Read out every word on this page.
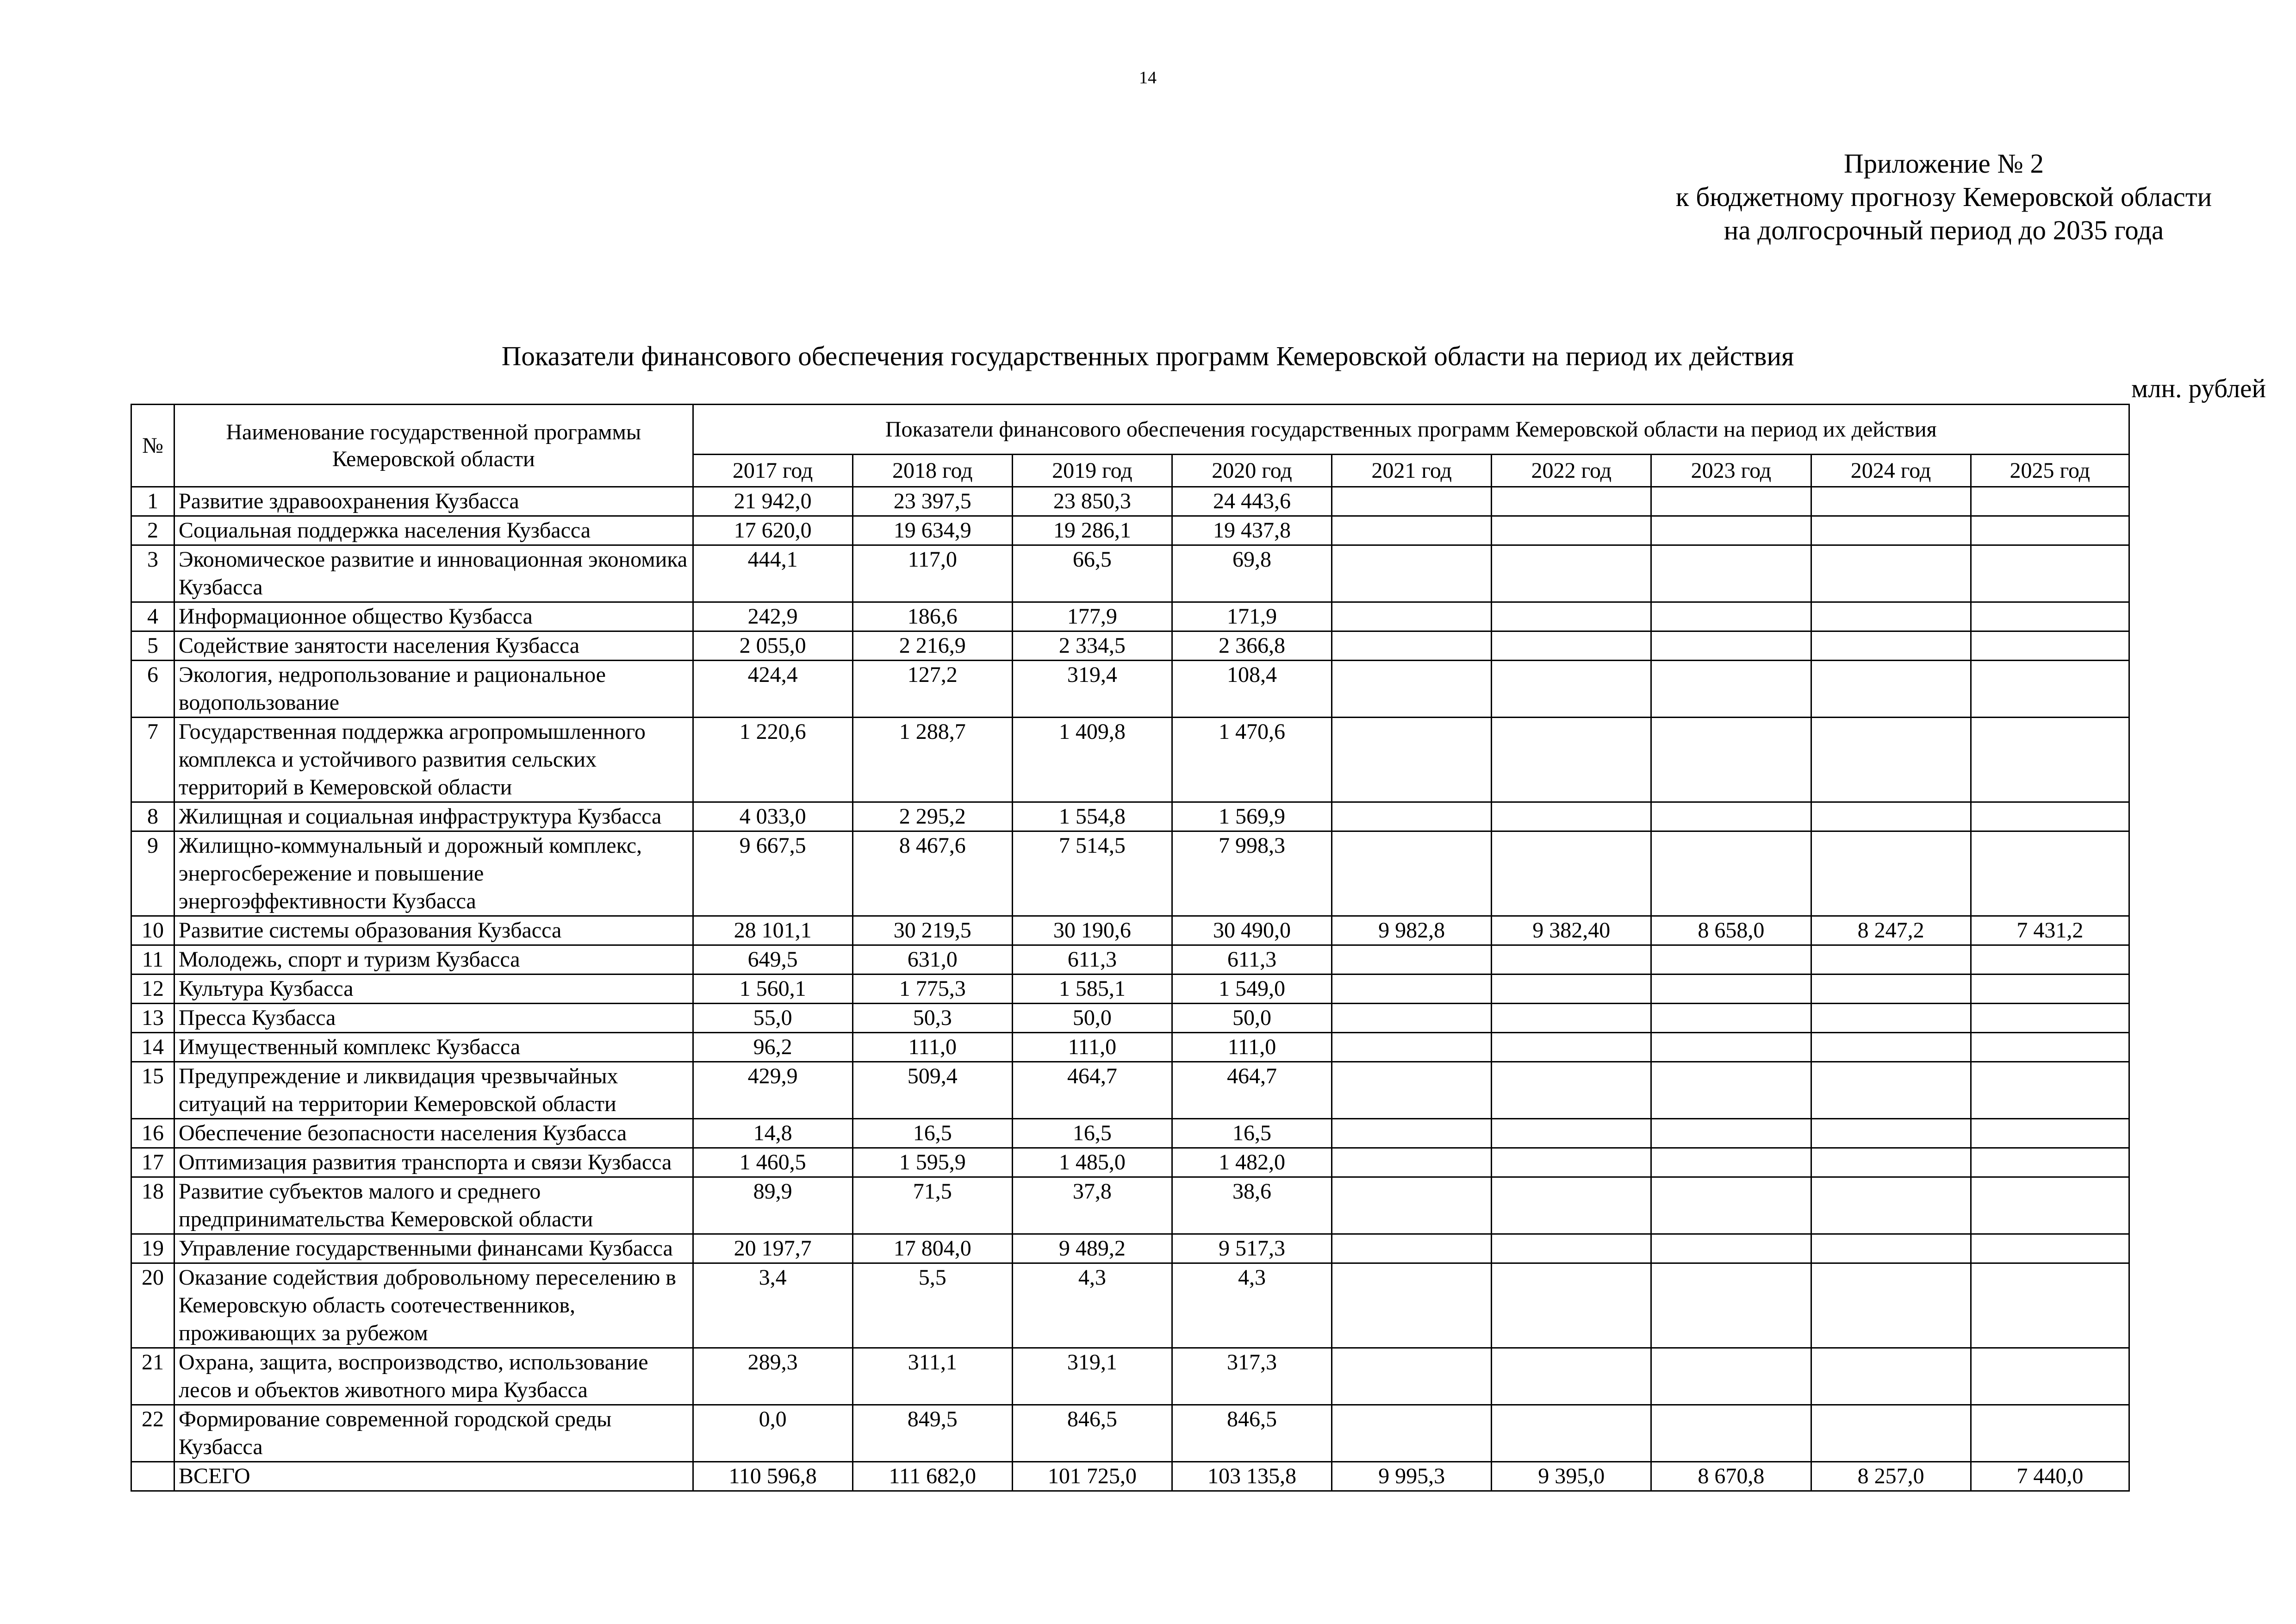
14
Приложение № 2
к бюджетному прогнозу Кемеровской области
на долгосрочный период до 2035 года
Показатели финансового обеспечения государственных программ Кемеровской области на период их действия
млн. рублей
№	Наименование государственной программы Кемеровской области	Показатели финансового обеспечения государственных программ Кемеровской области на период их действия								
		2017 год	2018 год	2019 год	2020 год	2021 год	2022 год	2023 год	2024 год	2025 год
1	Развитие здравоохранения Кузбасса	21 942,0	23 397,5	23 850,3	24 443,6					
2	Социальная поддержка населения Кузбасса	17 620,0	19 634,9	19 286,1	19 437,8					
3	Экономическое развитие и инновационная экономика Кузбасса	444,1	117,0	66,5	69,8					
4	Информационное общество Кузбасса	242,9	186,6	177,9	171,9					
5	Содействие занятости населения Кузбасса	2 055,0	2 216,9	2 334,5	2 366,8					
6	Экология, недропользование и рациональное водопользование	424,4	127,2	319,4	108,4					
7	Государственная поддержка агропромышленного комплекса и устойчивого развития сельских территорий в Кемеровской области	1 220,6	1 288,7	1 409,8	1 470,6					
8	Жилищная и социальная инфраструктура Кузбасса	4 033,0	2 295,2	1 554,8	1 569,9					
9	Жилищно-коммунальный и дорожный комплекс, энергосбережение и повышение энергоэффективности Кузбасса	9 667,5	8 467,6	7 514,5	7 998,3					
10	Развитие системы образования Кузбасса	28 101,1	30 219,5	30 190,6	30 490,0	9 982,8	9 382,40	8 658,0	8 247,2	7 431,2
11	Молодежь, спорт и туризм Кузбасса	649,5	631,0	611,3	611,3					
12	Культура Кузбасса	1 560,1	1 775,3	1 585,1	1 549,0					
13	Пресса Кузбасса	55,0	50,3	50,0	50,0					
14	Имущественный комплекс Кузбасса	96,2	111,0	111,0	111,0					
15	Предупреждение и ликвидация чрезвычайных ситуаций на территории Кемеровской области	429,9	509,4	464,7	464,7					
16	Обеспечение безопасности населения Кузбасса	14,8	16,5	16,5	16,5					
17	Оптимизация развития транспорта и связи Кузбасса	1 460,5	1 595,9	1 485,0	1 482,0					
18	Развитие субъектов малого и среднего предпринимательства Кемеровской области	89,9	71,5	37,8	38,6					
19	Управление государственными финансами Кузбасса	20 197,7	17 804,0	9 489,2	9 517,3					
20	Оказание содействия добровольному переселению в Кемеровскую область соотечественников, проживающих за рубежом	3,4	5,5	4,3	4,3					
21	Охрана, защита, воспроизводство, использование лесов и объектов животного мира Кузбасса	289,3	311,1	319,1	317,3					
22	Формирование современной городской среды Кузбасса	0,0	849,5	846,5	846,5					
	ВСЕГО	110 596,8	111 682,0	101 725,0	103 135,8	9 995,3	9 395,0	8 670,8	8 257,0	7 440,0
